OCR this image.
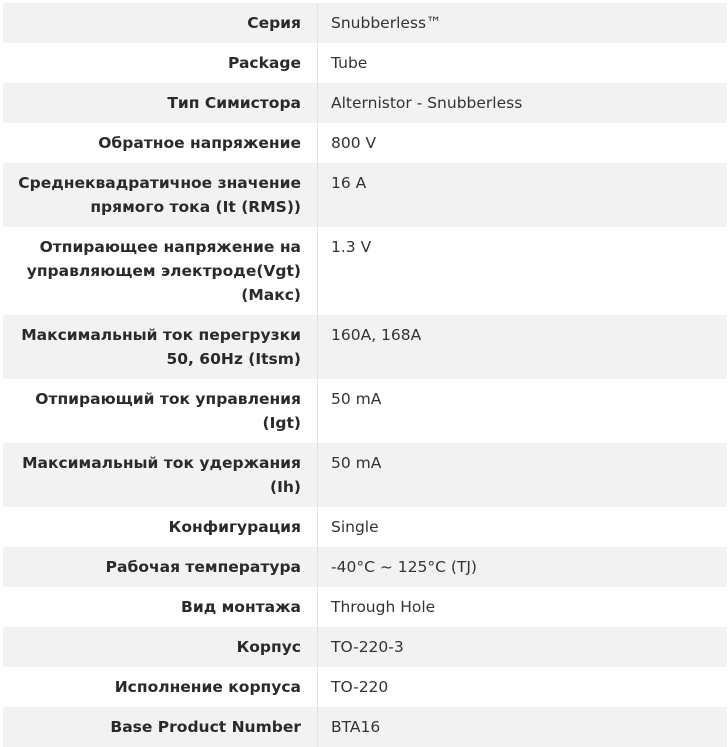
Серия	Snubberless™
Package	Tube
Тип Симистора	Alternistor - Snubberless
Обратное напряжение	800 V
Среднеквадратичное значение прямого тока (It (RMS))	16 A
Отпирающее напряжение на управляющем электроде(Vgt) (Макс)	1.3 V
Максимальный ток перегрузки 50, 60Hz (Itsm)	160A, 168A
Отпирающий ток управления (Igt)	50 mA
Максимальный ток удержания (Ih)	50 mA
Конфигурация	Single
Рабочая температура	-40°C ~ 125°C (TJ)
Вид монтажа	Through Hole
Корпус	TO-220-3
Исполнение корпуса	TO-220
Base Product Number	BTA16
